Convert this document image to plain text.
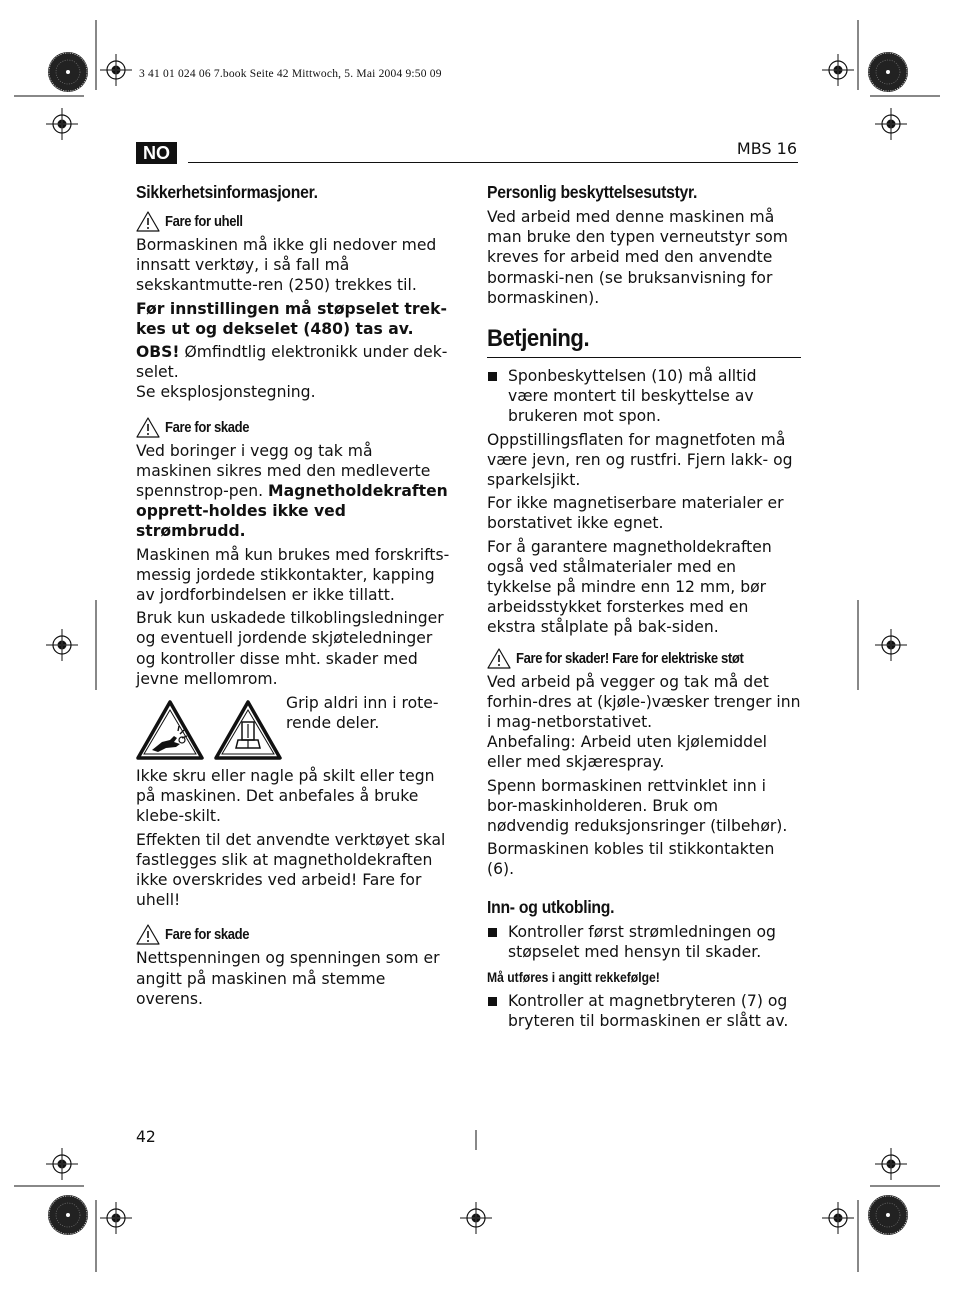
3 41 01 024 06 7.book Seite 42 Mittwoch, 5. Mai 2004 9:50 09
NO	MBS 16
Sikkerhetsinformasjoner.
Fare for uhell

Bormaskinen må ikke gli nedover med innsatt verktøy, i så fall må sekskantmutte-ren (250) trekkes til.

Før innstillingen må støpselet trek-kes ut og dekselet (480) tas av.

OBS! Ømfindtlig elektronikk under dek-selet.

Se eksplosjonstegning.

Fare for skade

Ved boringer i vegg og tak må maskinen sikres med den medleverte spennstrop-pen. Magnetholdekraften opprett-holdes ikke ved strømbrudd.

Maskinen må kun brukes med forskrifts-messig jordede stikkontakter, kapping av jordforbindelsen er ikke tillatt.

Bruk kun uskadede tilkoblingsledninger og eventuell jordende skjøteledninger og kontroller disse mht. skader med jevne mellomrom.

Grip aldri inn i rote-rende deler.

Ikke skru eller nagle på skilt eller tegn på maskinen. Det anbefales å bruke klebe-skilt.

Effekten til det anvendte verktøyet skal fastlegges slik at magnetholdekraften ikke overskrides ved arbeid! Fare for uhell!

Fare for skade

Nettspenningen og spenningen som er angitt på maskinen må stemme overens.

Personlig beskyttelsesutstyr.

Ved arbeid med denne maskinen må man bruke den typen verneutstyr som kreves for arbeid med den anvendte bormaski-nen (se bruksanvisning for bormaskinen).

Betjening.
Sponbeskyttelsen (10) må alltid være montert til beskyttelse av brukeren mot spon.

Oppstillingsflaten for magnetfoten må være jevn, ren og rustfri. Fjern lakk- og sparkelsjikt.

For ikke magnetiserbare materialer er borstativet ikke egnet.

For å garantere magnetholdekraften også ved stålmaterialer med en tykkelse på mindre enn 12 mm, bør arbeidsstykket forsterkes med en ekstra stålplate på bak-siden.

Fare for skader! Fare for elektriske støt

Ved arbeid på vegger og tak må det forhin-dres at (kjøle-)væsker trenger inn i mag-netborstativet.

Anbefaling: Arbeid uten kjølemiddel eller med skjærespray.

Spenn bormaskinen rettvinklet inn i bor-maskinholderen. Bruk om nødvendig reduksjonsringer (tilbehør).

Bormaskinen kobles til stikkontakten (6).

Inn- og utkobling.
Kontroller først strømledningen og støpselet med hensyn til skader.
Må utføres i angitt rekkefølge!
Kontroller at magnetbryteren (7) og bryteren til bormaskinen er slått av.
42
